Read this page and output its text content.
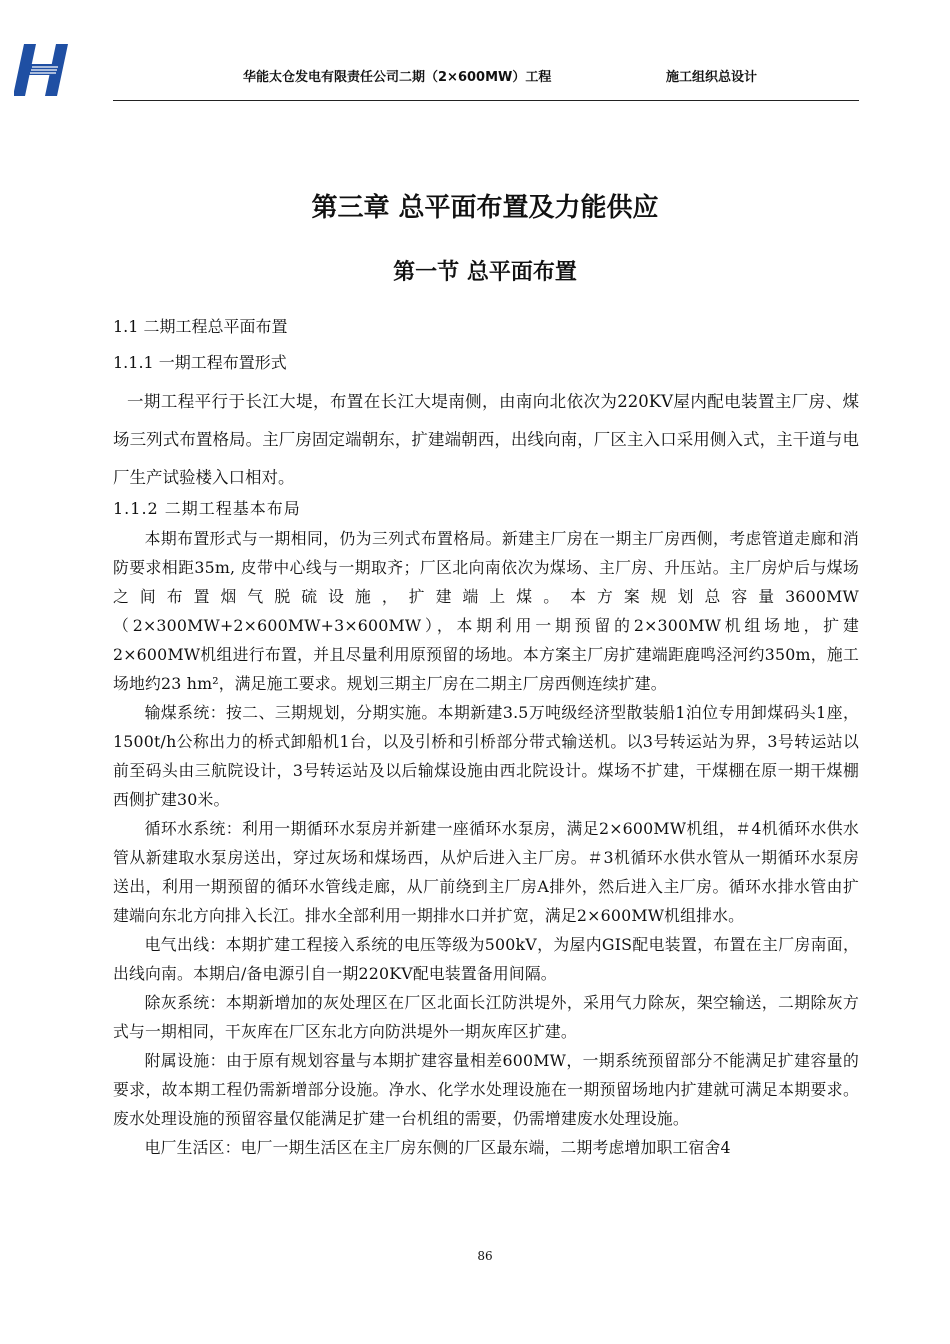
华能太仓发电有限责任公司二期（2×600MW）工程	施工组织总设计
第三章 总平面布置及力能供应
第一节 总平面布置

1.1 二期工程总平面布置

1.1.1 一期工程布置形式

一期工程平行于长江大堤，布置在长江大堤南侧，由南向北依次为220KV屋内配电装置主厂房、煤场三列式布置格局。主厂房固定端朝东，扩建端朝西，出线向南，厂区主入口采用侧入式，主干道与电厂生产试验楼入口相对。

1.1.2 二期工程基本布局

本期布置形式与一期相同，仍为三列式布置格局。新建主厂房在一期主厂房西侧，考虑管道走廊和消防要求相距35m, 皮带中心线与一期取齐；厂区北向南依次为煤场、主厂房、升压站。主厂房炉后与煤场之间布置烟气脱硫设施，扩建端上煤。本方案规划总容量3600MW（2×300MW+2×600MW+3×600MW），本期利用一期预留的2×300MW机组场地，扩建2×600MW机组进行布置，并且尽量利用原预留的场地。本方案主厂房扩建端距鹿鸣泾河约350m，施工场地约23 hm²，满足施工要求。规划三期主厂房在二期主厂房西侧连续扩建。

输煤系统：按二、三期规划，分期实施。本期新建3.5万吨级经济型散装船1泊位专用卸煤码头1座，1500t/h公称出力的桥式卸船机1台，以及引桥和引桥部分带式输送机。以3号转运站为界，3号转运站以前至码头由三航院设计，3号转运站及以后输煤设施由西北院设计。煤场不扩建，干煤棚在原一期干煤棚西侧扩建30米。

循环水系统：利用一期循环水泵房并新建一座循环水泵房，满足2×600MW机组，＃4机循环水供水管从新建取水泵房送出，穿过灰场和煤场西，从炉后进入主厂房。＃3机循环水供水管从一期循环水泵房送出，利用一期预留的循环水管线走廊，从厂前绕到主厂房A排外，然后进入主厂房。循环水排水管由扩建端向东北方向排入长江。排水全部利用一期排水口并扩宽，满足2×600MW机组排水。

电气出线：本期扩建工程接入系统的电压等级为500kV，为屋内GIS配电装置，布置在主厂房南面，出线向南。本期启/备电源引自一期220KV配电装置备用间隔。

除灰系统：本期新增加的灰处理区在厂区北面长江防洪堤外，采用气力除灰，架空输送，二期除灰方式与一期相同，干灰库在厂区东北方向防洪堤外一期灰库区扩建。

附属设施：由于原有规划容量与本期扩建容量相差600MW，一期系统预留部分不能满足扩建容量的要求，故本期工程仍需新增部分设施。净水、化学水处理设施在一期预留场地内扩建就可满足本期要求。废水处理设施的预留容量仅能满足扩建一台机组的需要，仍需增建废水处理设施。

电厂生活区：电厂一期生活区在主厂房东侧的厂区最东端，二期考虑增加职工宿舍4

86
